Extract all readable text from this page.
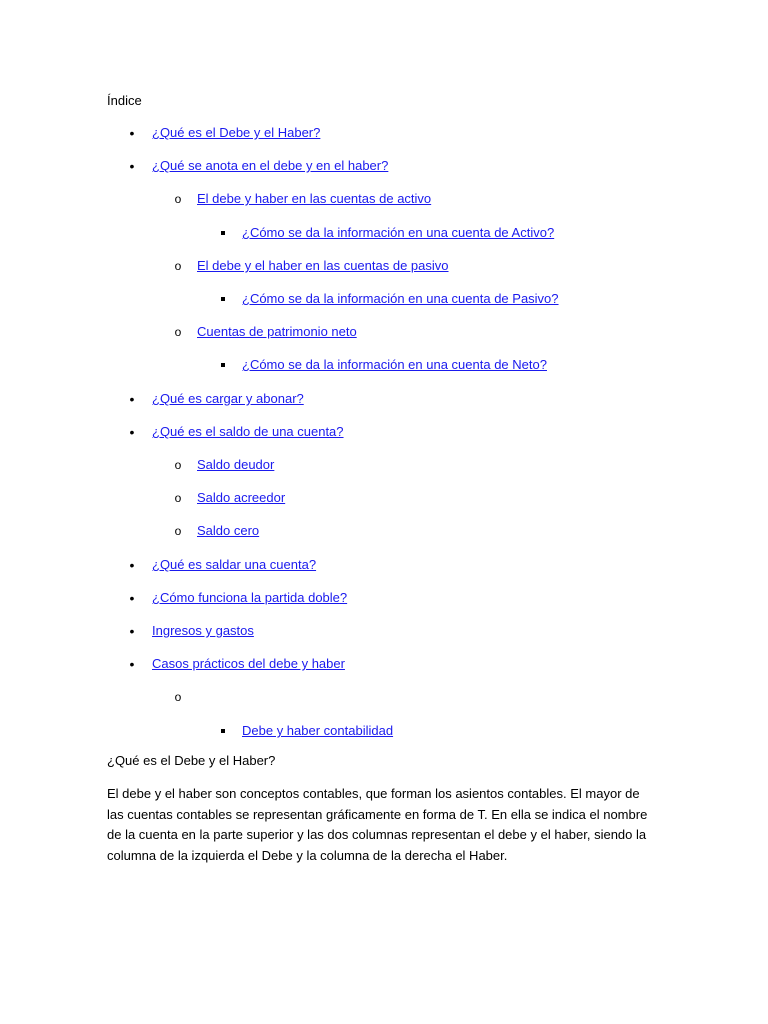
Índice
•
¿Qué es el Debe y el Haber?
•
¿Qué se anota en el debe y en el haber?
o
El debe y haber en las cuentas de activo
¿Cómo se da la información en una cuenta de Activo?
o
El debe y el haber en las cuentas de pasivo
¿Cómo se da la información en una cuenta de Pasivo?
o
Cuentas de patrimonio neto
¿Cómo se da la información en una cuenta de Neto?
•
¿Qué es cargar y abonar?
•
¿Qué es el saldo de una cuenta?
o
Saldo deudor
o
Saldo acreedor
o
Saldo cero
•
¿Qué es saldar una cuenta?
•
¿Cómo funciona la partida doble?
•
Ingresos y gastos
•
Casos prácticos del debe y haber
o
Debe y haber contabilidad
¿Qué es el Debe y el Haber?
El debe y el haber son conceptos contables, que forman los asientos contables. El mayor de las cuentas contables se representan gráficamente en forma de T. En ella se indica el nombre de la cuenta en la parte superior y las dos columnas representan el debe y el haber, siendo la columna de la izquierda el Debe y la columna de la derecha el Haber.
